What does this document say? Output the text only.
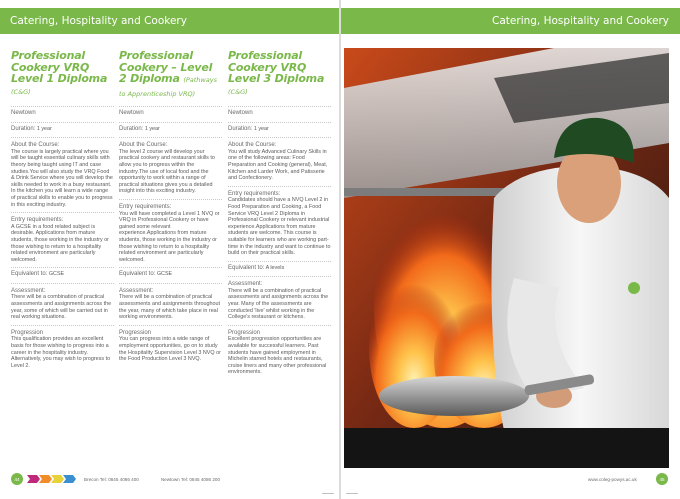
Catering, Hospitality and Cookery	Catering, Hospitality and Cookery
Professional Cookery VRQ Level 1 Diploma (C&G)
Newtown
Duration: 1 year
About the Course:
The course is largely practical where you will be taught essential culinary skills with theory being taught using IT and case studies.You will also study the VRQ Food & Drink Service where you will develop the skills needed to work in a busy restaurant. In the kitchen you will learn a wide range of practical skills to enable you to progress in this exciting industry.
Entry requirements:
A GCSE in a food related subject is desirable. Applications from mature students, those working in the industry or those wishing to return to a hospitality related environment are particularly welcomed.
Equivalent to: GCSE
Assessment:
There will be a combination of practical assessments and assignments across the year, some of which will be carried out in real working situations.
Progression
This qualification provides an excellent basis for those wishing to progress into a career in the hospitality industry. Alternatively, you may wish to progress to Level 2.
Professional Cookery – Level 2 Diploma (Pathways to Apprenticeship VRQ)
Newtown
Duration: 1 year
About the Course:
The level 2 course will develop your practical cookery and restaurant skills to allow you to progress within the industry.The use of local food and the opportunity to work within a range of practical situations gives you a detailed insight into this exciting industry.
Entry requirements:
You will have completed a Level 1 NVQ or VRQ in Professional Cookery or have gained some relevant experience.Applications from mature students, those working in the industry or those wishing to return to a hospitality related environment are particularly welcomed.
Equivalent to: GCSE
Assessment:
There will be a combination of practical assessments and assignments throughout the year, many of which take place in real working environments.
Progression
You can progress into a wide range of employment opportunities, go on to study the Hospitality Supervision Level 3 NVQ or the Food Production Level 3 NVQ.
Professional Cookery VRQ Level 3 Diploma (C&G)
Newtown
Duration: 1 year
About the Course:
You will study Advanced Culinary Skills in one of the following areas: Food Preparation and Cooking (general), Meat, Kitchen and Larder Work, and Patisserie and Confectionery.
Entry requirements:
Candidates should have a NVQ Level 2 in Food Preparation and Cooking, a Food Service VRQ Level 2 Diploma in Professional Cookery or relevant industrial experience.Applications from mature students are welcome. This course is suitable for learners who are working part-time in the industry and want to continue to build on their practical skills.
Equivalent to: A levels
Assessment:
There will be a combination of practical assessments and assignments across the year. Many of the assessments are conducted 'live' whilst working in the College's restaurant or kitchens.
Progression
Excellent progression opportunities are available for successful learners. Past students have gained employment in Michelin starred hotels and restaurants, cruise liners and many other professional environments.
44	Brecon Tel:
0845 4086 400	Newtown Tel:
0845 4086 200	www.coleg-powys.ac.uk	45
